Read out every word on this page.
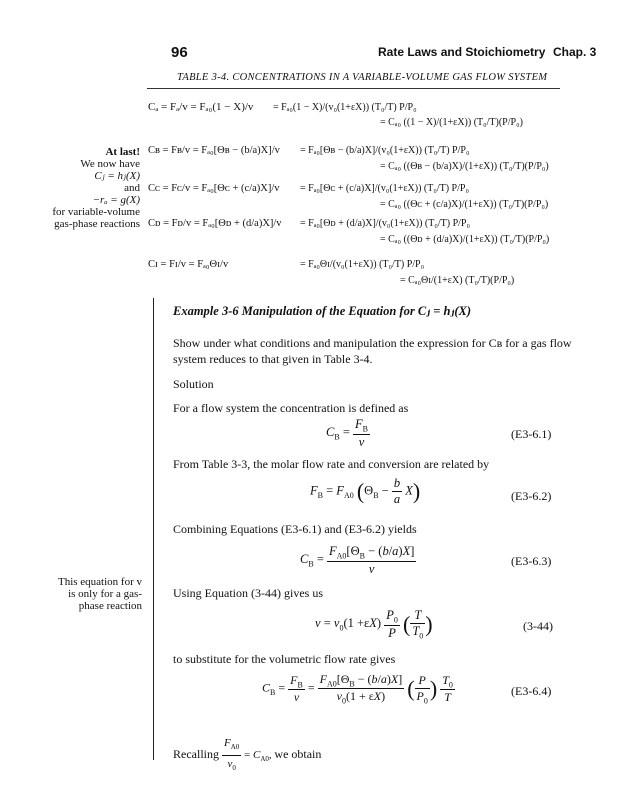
96	Rate Laws and Stoichiometry Chap. 3
TABLE 3-4. CONCENTRATIONS IN A VARIABLE-VOLUME GAS FLOW SYSTEM
Cₐ = Fₐ/v = Fₐ₀(1 − X)/v = Fₐ₀(1 − X)/(v₀(1+εX)) (T₀/T) P/P₀
= Cₐ₀ ((1 − X)/(1+εX)) (T₀/T)(P/P₀)
Cʙ = Fʙ/v = Fₐ₀[Θʙ − (b/a)X]/v = Fₐ₀[Θʙ − (b/a)X]/(v₀(1+εX)) (T₀/T) P/P₀
= Cₐ₀ ((Θʙ − (b/a)X)/(1+εX)) (T₀/T)(P/P₀)
Cᴄ = Fᴄ/v = Fₐ₀[Θᴄ + (c/a)X]/v = Fₐ₀[Θᴄ + (c/a)X]/(v₀(1+εX)) (T₀/T) P/P₀
= Cₐ₀ ((Θᴄ + (c/a)X)/(1+εX)) (T₀/T)(P/P₀)
Cᴅ = Fᴅ/v = Fₐ₀[Θᴅ + (d/a)X]/v = Fₐ₀[Θᴅ + (d/a)X]/(v₀(1+εX)) (T₀/T) P/P₀
= Cₐ₀ ((Θᴅ + (d/a)X)/(1+εX)) (T₀/T)(P/P₀)
Cɪ = Fɪ/v = Fₐ₀Θɪ/v	= Fₐ₀Θɪ/(v₀(1+εX)) (T₀/T) P/P₀
= Cₐ₀Θɪ/(1+εX) (T₀/T)(P/P₀)
At last!
We now have
Cⱼ = hⱼ(X)
and
−rₐ = g(X)
for variable-volume
gas-phase reactions
Example 3-6 Manipulation of the Equation for Cⱼ = hⱼ(X)
Show under what conditions and manipulation the expression for Cʙ for a gas flow system reduces to that given in Table 3-4.
Solution
For a flow system the concentration is defined as
$C_B = \frac{F_B}{v}$	(E3-6.1)
From Table 3-3, the molar flow rate and conversion are related by
$F_B = F_{A0}$ $(\Theta_B - \frac{b}{a} X)$	(E3-6.2)
Combining Equations (E3-6.1) and (E3-6.2) yields
$C_B = \frac{F_{A0}[\Theta_B - (b/a)X]}{v}$	(E3-6.3)
Using Equation (3-44) gives us
$v = v_0(1 +\varepsilon X) \frac{P_0}{P}$ ( $\frac{T}{T_0}$ )	(3-44)
to substitute for the volumetric flow rate gives
$C_B = \frac{F_B}{v} = \frac{F_{A0}[\Theta_B - (b/a)X]}{v_0(1 + \varepsilon X)}$ ( $\frac{P}{P_0}$ ) $\frac{T_0}{T}$	(E3-6.4)
Recalling $\frac{F_{A0}}{v_0} = C_{A0}$, we obtain
This equation for v
is only for a gas-
phase reaction
